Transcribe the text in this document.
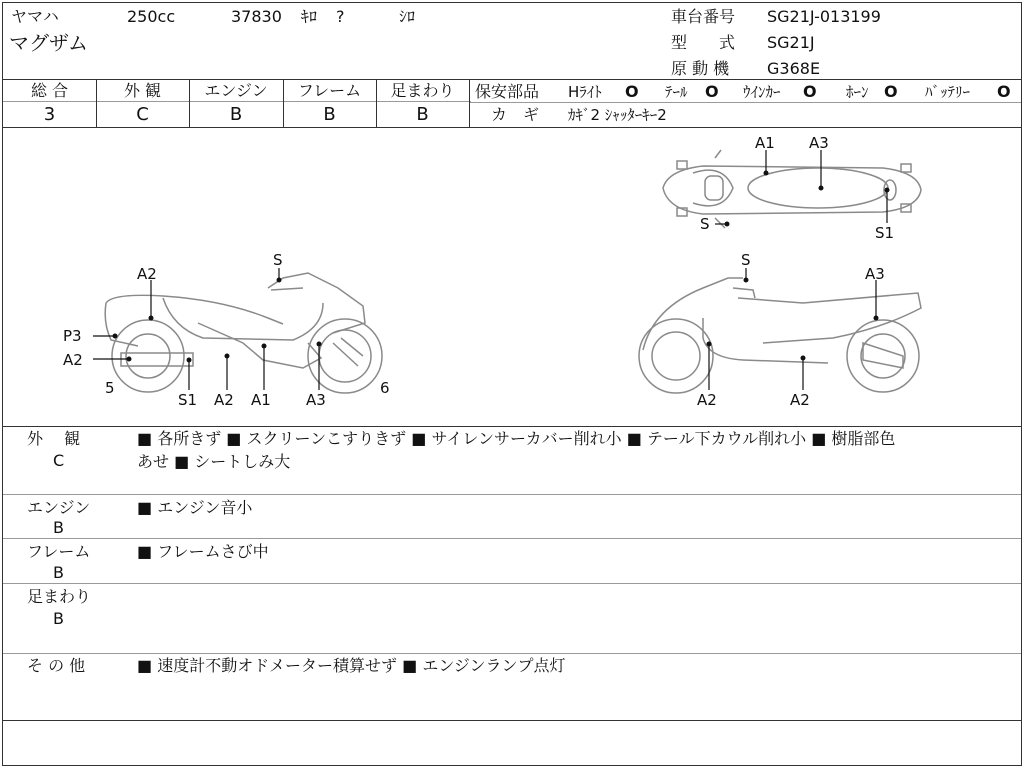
ヤマハ	250cc	37830 ｷﾛ ?	ｼﾛ
マグザム
車台番号 SG21J-013199
型　　式 SG21J
原 動 機 G368E
総 合
3
外 観
C
エンジン
B
フレーム
B
足まわり
B
保安部品 Hﾗｲﾄ O ﾃｰﾙ O ｳｲﾝｶｰ O ﾎｰﾝ O ﾊﾞｯﾃﾘｰ O
カ　ギ ｶｷﾞ2 ｼｬｯﾀｰｷｰ2
A1 A3
S	S1
S
A2
P3
A2
5	6
S1 A2 A1 A3
S
A3
A2	A2
外　 観
C
■ 各所きず ■ スクリーンこすりきず ■ サイレンサーカバー削れ小 ■ テール下カウル削れ小 ■ 樹脂部色
あせ ■ シートしみ大
エンジン
B
■ エンジン音小
フレーム
B
■ フレームさび中
足まわり
B
そ の 他	■ 速度計不動オドメーター積算せず ■ エンジンランプ点灯
